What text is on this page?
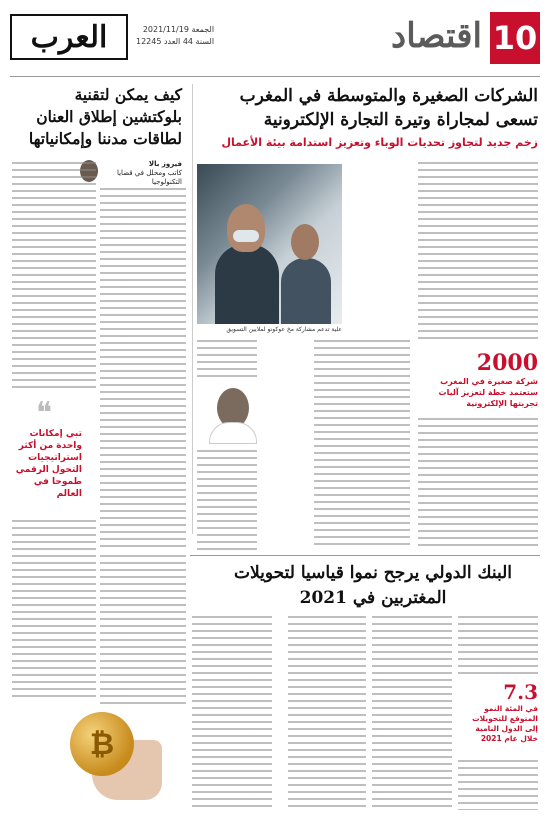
العرب	الجمعة 2021/11/19
السنة 44 العدد 12245	اقتصاد 10
الشركات الصغيرة والمتوسطة في المغرب تسعى لمجاراة وتيرة التجارة الإلكترونية
زخم جديد لتجاوز تحديات الوباء وتعزيز استدامة بيئة الأعمال
علية تدعم مشاركة مخ عوكونو لملايين التسويق
2000
شركة صغيرة في المغرب ستعتمد خطة لتعزيز آليات تجربتها الإلكترونية
كيف يمكن لتقنية بلوكتشين إطلاق العنان لطاقات مدننا وإمكانياتها
فيروز بالا
كاتب ومحلل في قضايا التكنولوجيا
❝
تبي إمكانات واحدة من أكثر استراتيجيات التحول الرقمي طموحا في العالم
₿
البنك الدولي يرجح نموا قياسيا لتحويلات المغتربين في 2021
7.3
في المئة النمو المتوقع للتحويلات إلى الدول النامية خلال عام 2021
